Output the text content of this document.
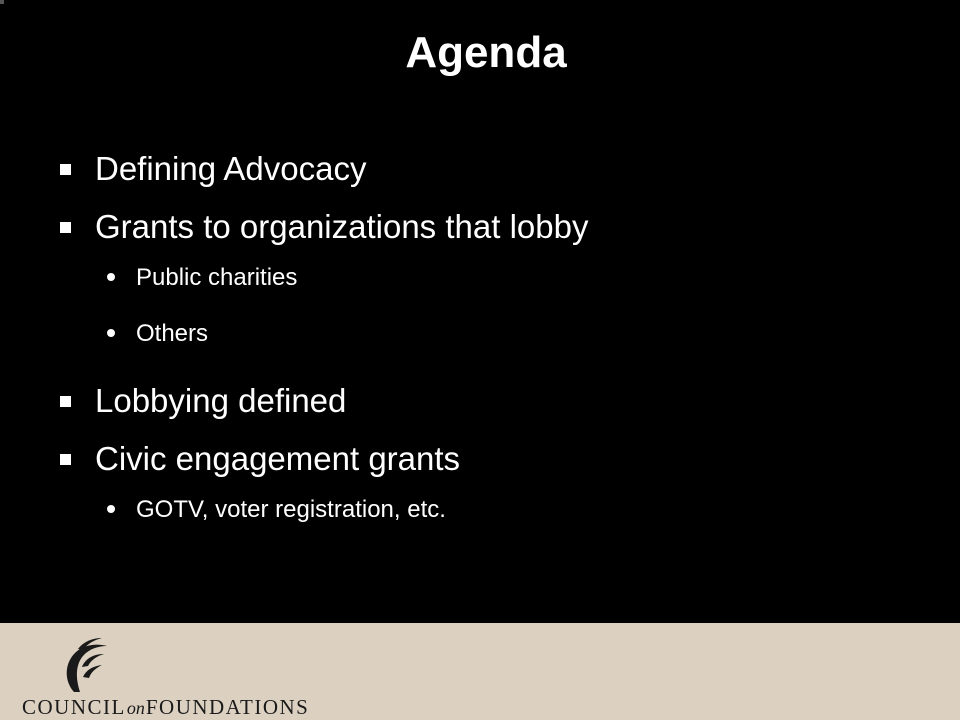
Agenda
Defining Advocacy
Grants to organizations that lobby
Public charities
Others
Lobbying defined
Civic engagement grants
GOTV, voter registration, etc.
COUNCILonFOUNDATIONS
